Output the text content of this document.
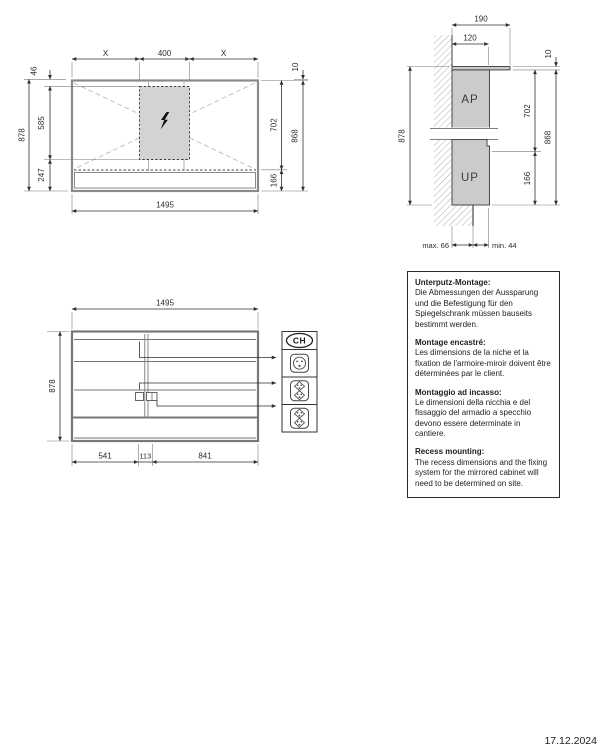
X	400	X
46
878
585
247
10
702
166
868
1495
AP
UP
190
120
10
702
166
868
878
max. 66	min. 44
1495
878
541	113	841
CH
Unterputz-Montage:
Die Abmessungen der Aussparung und die Befestigung für den Spiegelschrank müssen bauseits bestimmt werden.
Montage encastré:
Les dimensions de la niche et la fixation de l'armoire-miroir doivent être déterminées par le client.
Montaggio ad incasso:
Le dimensioni della nicchia e del fissaggio del armadio a specchio devono essere determinate in cantiere.
Recess mounting:
The recess dimensions and the fixing system for the mirrored cabinet will need to be determined on site.
17.12.2024
